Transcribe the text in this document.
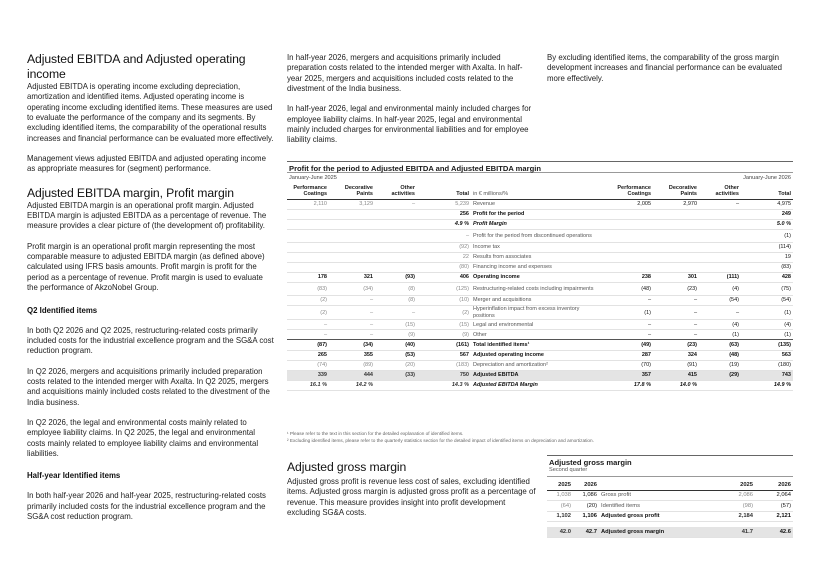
Adjusted EBITDA and Adjusted operating income

Adjusted EBITDA is operating income excluding depreciation, amortization and identified items. Adjusted operating income is operating income excluding identified items. These measures are used to evaluate the performance of the company and its segments. By excluding identified items, the comparability of the operational results increases and financial performance can be evaluated more effectively.

Management views adjusted EBITDA and adjusted operating income as appropriate measures for (segment) performance.

Adjusted EBITDA margin, Profit margin

Adjusted EBITDA margin is an operational profit margin. Adjusted EBITDA margin is adjusted EBITDA as a percentage of revenue. The measure provides a clear picture of (the development of) profitability.

Profit margin is an operational profit margin representing the most comparable measure to adjusted EBITDA margin (as defined above) calculated using IFRS basis amounts. Profit margin is profit for the period as a percentage of revenue. Profit margin is used to evaluate the performance of AkzoNobel Group.

Q2 Identified items

In both Q2 2026 and Q2 2025, restructuring-related costs primarily included costs for the industrial excellence program and the SG&A cost reduction program.

In Q2 2026, mergers and acquisitions primarily included preparation costs related to the intended merger with Axalta. In Q2 2025, mergers and acquisitions mainly included costs related to the divestment of the India business.

In Q2 2026, the legal and environmental costs mainly related to employee liability claims. In Q2 2025, the legal and environmental costs mainly related to employee liability claims and environmental liabilities.

Half-year Identified items

In both half-year 2026 and half-year 2025, restructuring-related costs primarily included costs for the industrial excellence program and the SG&A cost reduction program.

In half-year 2026, mergers and acquisitions primarily included preparation costs related to the intended merger with Axalta. In half-year 2025, mergers and acquisitions included costs related to the divestment of the India business.

In half-year 2026, legal and environmental mainly included charges for employee liability claims. In half-year 2025, legal and environmental mainly included charges for environmental liabilities and for employee liability claims.

By excluding identified items, the comparability of the gross margin development increases and financial performance can be evaluated more effectively.

Profit for the period to Adjusted EBITDA and Adjusted EBITDA margin
January-June 2025	January-June 2026
Performance Coatings	Decorative Paints	Other activities	Total	in € millions/%	Performance Coatings	Decorative Paints	Other activities	Total
2,110	3,129	–	5,239	Revenue	2,005	2,970	–	4,975
			256	Profit for the period				249
			4.9 %	Profit Margin				5.0 %
			–	Profit for the period from discontinued operations				(1)
			(92)	Income tax				(114)
			22	Results from associates				19
			(80)	Financing income and expenses				(83)
178	321	(93)	406	Operating income	238	301	(111)	428
(83)	(34)	(8)	(125)	Restructuring-related costs including impairments	(48)	(23)	(4)	(75)
(2)	–	(8)	(10)	Merger and acquisitions	–	–	(54)	(54)
(2)	–	–	(2)	Hyperinflation impact from excess inventory positions	(1)	–	–	(1)
–	–	(15)	(15)	Legal and environmental	–	–	(4)	(4)
–	–	(9)	(9)	Other	–	–	(1)	(1)
(87)	(34)	(40)	(161)	Total identified items¹	(49)	(23)	(63)	(135)
265	355	(53)	567	Adjusted operating income	287	324	(48)	563
(74)	(89)	(20)	(183)	Depreciation and amortization²	(70)	(91)	(19)	(180)
339	444	(33)	750	Adjusted EBITDA	357	415	(29)	743
16.1 %	14.2 %		14.3 %	Adjusted EBITDA Margin	17.8 %	14.0 %		14.9 %
¹ Please refer to the text in this section for the detailed explanation of identified items.
² Excluding identified items, please refer to the quarterly statistics section for the detailed impact of identified items on depreciation and amortization.
Adjusted gross margin

Adjusted gross profit is revenue less cost of sales, excluding identified items. Adjusted gross margin is adjusted gross profit as a percentage of revenue. This measure provides insight into profit development excluding SG&A costs.

Adjusted gross margin
Second quarter
2025	2026		2025	2026
1,038	1,086	Gross profit	2,086	2,064
(64)	(20)	Identified items	(98)	(57)
1,102	1,106	Adjusted gross profit	2,184	2,121

42.0	42.7	Adjusted gross margin	41.7	42.6
